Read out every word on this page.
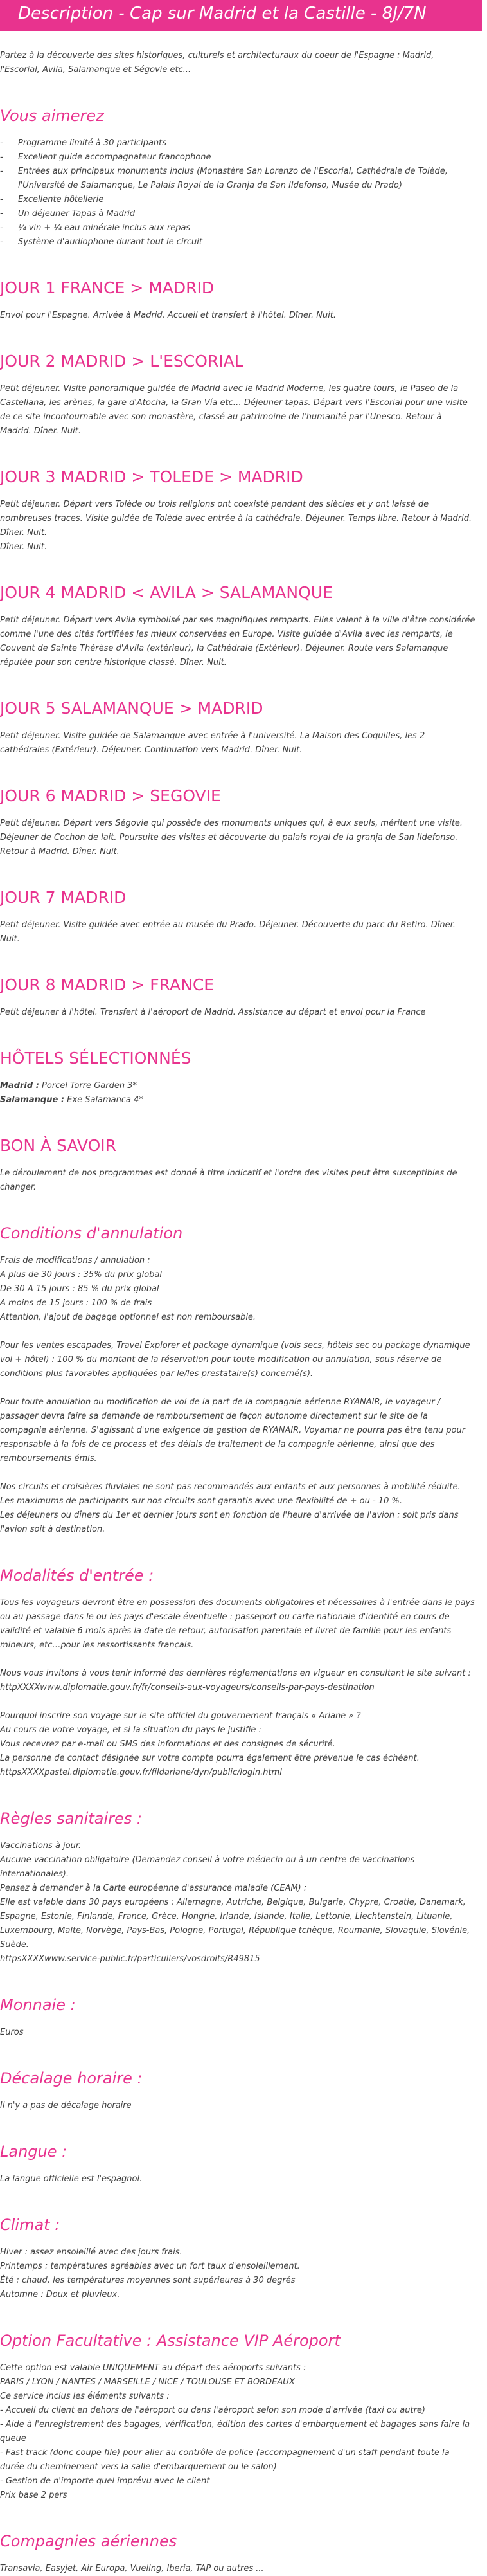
Description - Cap sur Madrid et la Castille - 8J/7N

Partez à la découverte des sites historiques, culturels et architecturaux du coeur de l'Espagne : Madrid, l'Escorial, Avila, Salamanque et Ségovie etc...

Vous aimerez
- Programme limité à 30 participants
- Excellent guide accompagnateur francophone
- Entrées aux principaux monuments inclus (Monastère San Lorenzo de l'Escorial, Cathédrale de Tolède, l'Université de Salamanque, Le Palais Royal de la Granja de San Ildefonso, Musée du Prado)
- Excellente hôtellerie
- Un déjeuner Tapas à Madrid
- ¼ vin + ¼ eau minérale inclus aux repas
- Système d'audiophone durant tout le circuit
JOUR 1 FRANCE > MADRID

Envol pour l'Espagne. Arrivée à Madrid. Accueil et transfert à l'hôtel. Dîner. Nuit.

JOUR 2 MADRID > L'ESCORIAL

Petit déjeuner. Visite panoramique guidée de Madrid avec le Madrid Moderne, les quatre tours, le Paseo de la Castellana, les arènes, la gare d'Atocha, la Gran Vía etc… Déjeuner tapas. Départ vers l'Escorial pour une visite de ce site incontournable avec son monastère, classé au patrimoine de l'humanité par l'Unesco. Retour à Madrid. Dîner. Nuit.

JOUR 3 MADRID > TOLEDE > MADRID

Petit déjeuner. Départ vers Tolède ou trois religions ont coexisté pendant des siècles et y ont laissé de nombreuses traces. Visite guidée de Tolède avec entrée à la cathédrale. Déjeuner. Temps libre. Retour à Madrid. Dîner. Nuit.

Dîner. Nuit.

JOUR 4 MADRID < AVILA > SALAMANQUE

Petit déjeuner. Départ vers Avila symbolisé par ses magnifiques remparts. Elles valent à la ville d'être considérée comme l'une des cités fortifiées les mieux conservées en Europe. Visite guidée d'Avila avec les remparts, le Couvent de Sainte Thérèse d'Avila (extérieur), la Cathédrale (Extérieur). Déjeuner. Route vers Salamanque réputée pour son centre historique classé. Dîner. Nuit.

JOUR 5 SALAMANQUE > MADRID

Petit déjeuner. Visite guidée de Salamanque avec entrée à l'université. La Maison des Coquilles, les 2 cathédrales (Extérieur). Déjeuner. Continuation vers Madrid. Dîner. Nuit.

JOUR 6 MADRID > SEGOVIE

Petit déjeuner. Départ vers Ségovie qui possède des monuments uniques qui, à eux seuls, méritent une visite. Déjeuner de Cochon de lait. Poursuite des visites et découverte du palais royal de la granja de San Ildefonso. Retour à Madrid. Dîner. Nuit.

JOUR 7 MADRID

Petit déjeuner. Visite guidée avec entrée au musée du Prado. Déjeuner. Découverte du parc du Retiro. Dîner. Nuit.

JOUR 8 MADRID > FRANCE

Petit déjeuner à l'hôtel. Transfert à l'aéroport de Madrid. Assistance au départ et envol pour la France

HÔTELS SÉLECTIONNÉS

Madrid : Porcel Torre Garden 3*

Salamanque : Exe Salamanca 4*

BON À SAVOIR

Le déroulement de nos programmes est donné à titre indicatif et l'ordre des visites peut être susceptibles de changer.

Conditions d'annulation

Frais de modifications / annulation :

A plus de 30 jours : 35% du prix global

De 30 A 15 jours : 85 % du prix global

A moins de 15 jours : 100 % de frais

Attention, l'ajout de bagage optionnel est non remboursable.

Pour les ventes escapades, Travel Explorer et package dynamique (vols secs, hôtels sec ou package dynamique vol + hôtel) : 100 % du montant de la réservation pour toute modification ou annulation, sous réserve de conditions plus favorables appliquées par le/les prestataire(s) concerné(s).

Pour toute annulation ou modification de vol de la part de la compagnie aérienne RYANAIR, le voyageur / passager devra faire sa demande de remboursement de façon autonome directement sur le site de la compagnie aérienne. S'agissant d'une exigence de gestion de RYANAIR, Voyamar ne pourra pas être tenu pour responsable à la fois de ce process et des délais de traitement de la compagnie aérienne, ainsi que des remboursements émis.

Nos circuits et croisières fluviales ne sont pas recommandés aux enfants et aux personnes à mobilité réduite.

Les maximums de participants sur nos circuits sont garantis avec une flexibilité de + ou - 10 %.

Les déjeuners ou dîners du 1er et dernier jours sont en fonction de l'heure d'arrivée de l'avion : soit pris dans l'avion soit à destination.

Modalités d'entrée :

Tous les voyageurs devront être en possession des documents obligatoires et nécessaires à l'entrée dans le pays ou au passage dans le ou les pays d'escale éventuelle : passeport ou carte nationale d'identité en cours de validité et valable 6 mois après la date de retour, autorisation parentale et livret de famille pour les enfants mineurs, etc…pour les ressortissants français.

Nous vous invitons à vous tenir informé des dernières réglementations en vigueur en consultant le site suivant : httpXXXXwww.diplomatie.gouv.fr/fr/conseils-aux-voyageurs/conseils-par-pays-destination

Pourquoi inscrire son voyage sur le site officiel du gouvernement français « Ariane » ?

Au cours de votre voyage, et si la situation du pays le justifie :

Vous recevrez par e-mail ou SMS des informations et des consignes de sécurité.

La personne de contact désignée sur votre compte pourra également être prévenue le cas échéant.

httpsXXXXpastel.diplomatie.gouv.fr/fildariane/dyn/public/login.html

Règles sanitaires :

Vaccinations à jour.

Aucune vaccination obligatoire (Demandez conseil à votre médecin ou à un centre de vaccinations internationales).

Pensez à demander à la Carte européenne d'assurance maladie (CEAM) :

Elle est valable dans 30 pays européens : Allemagne, Autriche, Belgique, Bulgarie, Chypre, Croatie, Danemark, Espagne, Estonie, Finlande, France, Grèce, Hongrie, Irlande, Islande, Italie, Lettonie, Liechtenstein, Lituanie, Luxembourg, Malte, Norvège, Pays-Bas, Pologne, Portugal, République tchèque, Roumanie, Slovaquie, Slovénie, Suède.

httpsXXXXwww.service-public.fr/particuliers/vosdroits/R49815

Monnaie :

Euros

Décalage horaire :

Il n'y a pas de décalage horaire

Langue :

La langue officielle est l'espagnol.

Climat :

Hiver : assez ensoleillé avec des jours frais.

Printemps : températures agréables avec un fort taux d'ensoleillement.

Été : chaud, les températures moyennes sont supérieures à 30 degrés

Automne : Doux et pluvieux.

Option Facultative : Assistance VIP Aéroport

Cette option est valable UNIQUEMENT au départ des aéroports suivants :

PARIS / LYON / NANTES / MARSEILLE / NICE / TOULOUSE ET BORDEAUX

Ce service inclus les éléments suivants :

- Accueil du client en dehors de l'aéroport ou dans l'aéroport selon son mode d'arrivée (taxi ou autre)

- Aide à l'enregistrement des bagages, vérification, édition des cartes d'embarquement et bagages sans faire la queue

- Fast track (donc coupe file) pour aller au contrôle de police (accompagnement d'un staff pendant toute la durée du cheminement vers la salle d'embarquement ou le salon)

- Gestion de n'importe quel imprévu avec le client

Prix base 2 pers

Compagnies aériennes

Transavia, Easyjet, Air Europa, Vueling, Iberia, TAP ou autres ...
